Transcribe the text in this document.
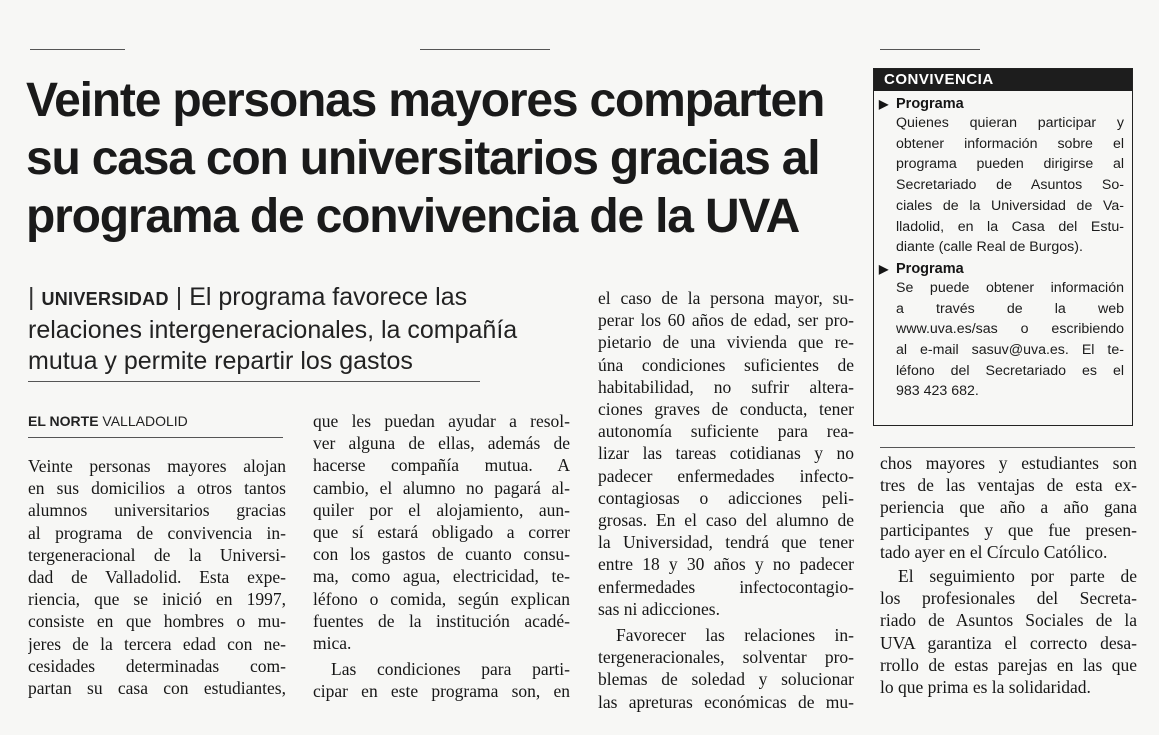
Veinte personas mayores comparten
su casa con universitarios gracias al
programa de convivencia de la UVA
| UNIVERSIDAD | El programa favorece las
relaciones intergeneracionales, la compañía
mutua y permite repartir los gastos
EL NORTE VALLADOLID

Veinte personas mayores alojan
en sus domicilios a otros tantos
alumnos universitarios gracias
al programa de convivencia in-
tergeneracional de la Universi-
dad de Valladolid. Esta expe-
riencia, que se inició en 1997,
consiste en que hombres o mu-
jeres de la tercera edad con ne-
cesidades determinadas com-
partan su casa con estudiantes,

que les puedan ayudar a resol-
ver alguna de ellas, además de
hacerse compañía mutua. A
cambio, el alumno no pagará al-
quiler por el alojamiento, aun-
que sí estará obligado a correr
con los gastos de cuanto consu-
ma, como agua, electricidad, te-
léfono o comida, según explican
fuentes de la institución acadé-
mica.

Las condiciones para parti-
cipar en este programa son, en

el caso de la persona mayor, su-
perar los 60 años de edad, ser pro-
pietario de una vivienda que re-
úna condiciones suficientes de
habitabilidad, no sufrir altera-
ciones graves de conducta, tener
autonomía suficiente para rea-
lizar las tareas cotidianas y no
padecer enfermedades infecto-
contagiosas o adicciones peli-
grosas. En el caso del alumno de
la Universidad, tendrá que tener
entre 18 y 30 años y no padecer
enfermedades infectocontagio-
sas ni adicciones.

Favorecer las relaciones in-
tergeneracionales, solventar pro-
blemas de soledad y solucionar
las apreturas económicas de mu-

chos mayores y estudiantes son
tres de las ventajas de esta ex-
periencia que año a año gana
participantes y que fue presen-
tado ayer en el Círculo Católico.

El seguimiento por parte de
los profesionales del Secreta-
riado de Asuntos Sociales de la
UVA garantiza el correcto desa-
rrollo de estas parejas en las que
lo que prima es la solidaridad.

CONVIVENCIA
▶ Programa
Quienes quieran participar y
obtener información sobre el
programa pueden dirigirse al
Secretariado de Asuntos So-
ciales de la Universidad de Va-
lladolid, en la Casa del Estu-
diante (calle Real de Burgos).
▶ Programa
Se puede obtener información
a través de la web
www.uva.es/sas o escribiendo
al e-mail sasuv@uva.es. El te-
léfono del Secretariado es el
983 423 682.
